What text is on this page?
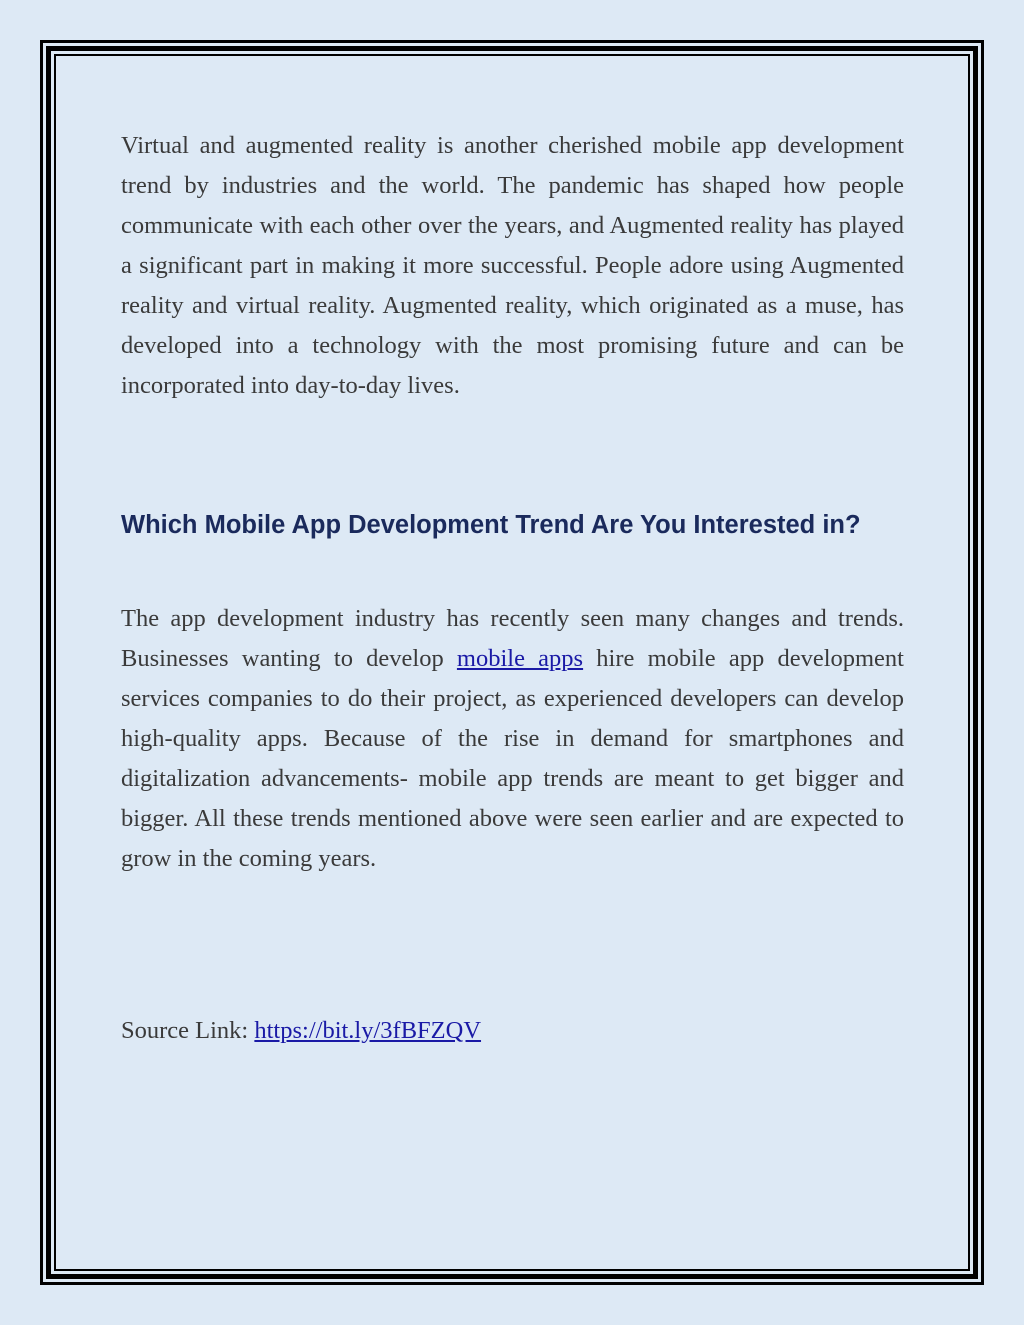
Virtual and augmented reality is another cherished mobile app development trend by industries and the world. The pandemic has shaped how people communicate with each other over the years, and Augmented reality has played a significant part in making it more successful. People adore using Augmented reality and virtual reality. Augmented reality, which originated as a muse, has developed into a technology with the most promising future and can be incorporated into day-to-day lives.

Which Mobile App Development Trend Are You Interested in?

The app development industry has recently seen many changes and trends. Businesses wanting to develop mobile apps hire mobile app development services companies to do their project, as experienced developers can develop high-quality apps. Because of the rise in demand for smartphones and digitalization advancements- mobile app trends are meant to get bigger and bigger. All these trends mentioned above were seen earlier and are expected to grow in the coming years.

Source Link: https://bit.ly/3fBFZQV
